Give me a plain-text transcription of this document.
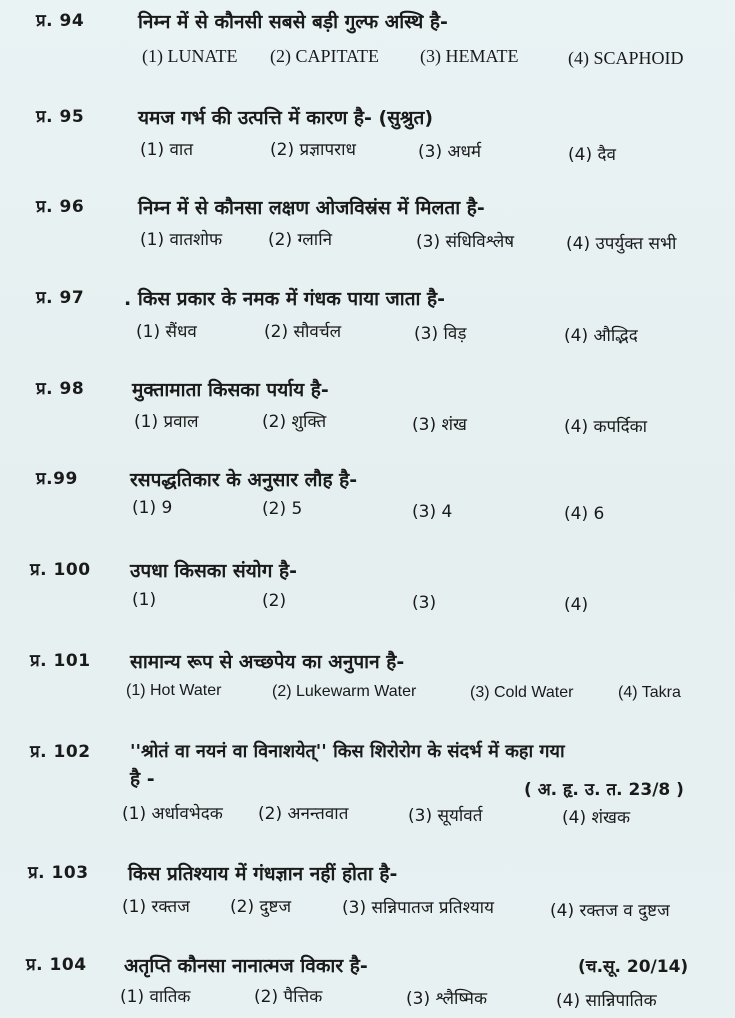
प्र. 94	निम्न में से कौनसी सबसे बड़ी गुल्फ अस्थि है-
(1) LUNATE (2) CAPITATE (3) HEMATE	(4) SCAPHOID
प्र. 95	यमज गर्भ की उत्पत्ति में कारण है- (सुश्रुत)
(1) वात	(2) प्रज्ञापराध	(3) अधर्म	(4) दैव
प्र. 96	निम्न में से कौनसा लक्षण ओजविस्रंस में मिलता है-
(1) वातशोफ	(2) ग्लानि	(3) संधिविश्लेष	(4) उपर्युक्त सभी
प्र. 97 . किस प्रकार के नमक में गंधक पाया जाता है-
(1) सैंधव	(2) सौवर्चल	(3) विड़	(4) औद्भिद
प्र. 98	मुक्तामाता किसका पर्याय है-
(1) प्रवाल	(2) शुक्ति	(3) शंख	(4) कपर्दिका
प्र.99	रसपद्धतिकार के अनुसार लौह है-
(1) 9	(2) 5	(3) 4	(4) 6
प्र. 100 उपधा किसका संयोग है-
(1)	(2)	(3)	(4)
प्र. 101 सामान्य रूप से अच्छपेय का अनुपान है-
(1) Hot Water	(2) Lukewarm Water	(3) Cold Water	(4) Takra
प्र. 102 ''श्रोतं वा नयनं वा विनाशयेत्'' किस शिरोरोग के संदर्भ में कहा गया
है -	( अ. हृ. उ. त. 23/8 )
(1) अर्धावभेदक (2) अनन्तवात	(3) सूर्यावर्त	(4) शंखक
प्र. 103 किस प्रतिश्याय में गंधज्ञान नहीं होता है-
(1) रक्तज (2) दुष्टज	(3) सन्निपातज प्रतिश्याय	(4) रक्तज व दुष्टज
प्र. 104 अतृप्ति कौनसा नानात्मज विकार है-	(च.सू. 20/14)
(1) वातिक	(2) पैत्तिक	(3) श्लैष्मिक	(4) सान्निपातिक
